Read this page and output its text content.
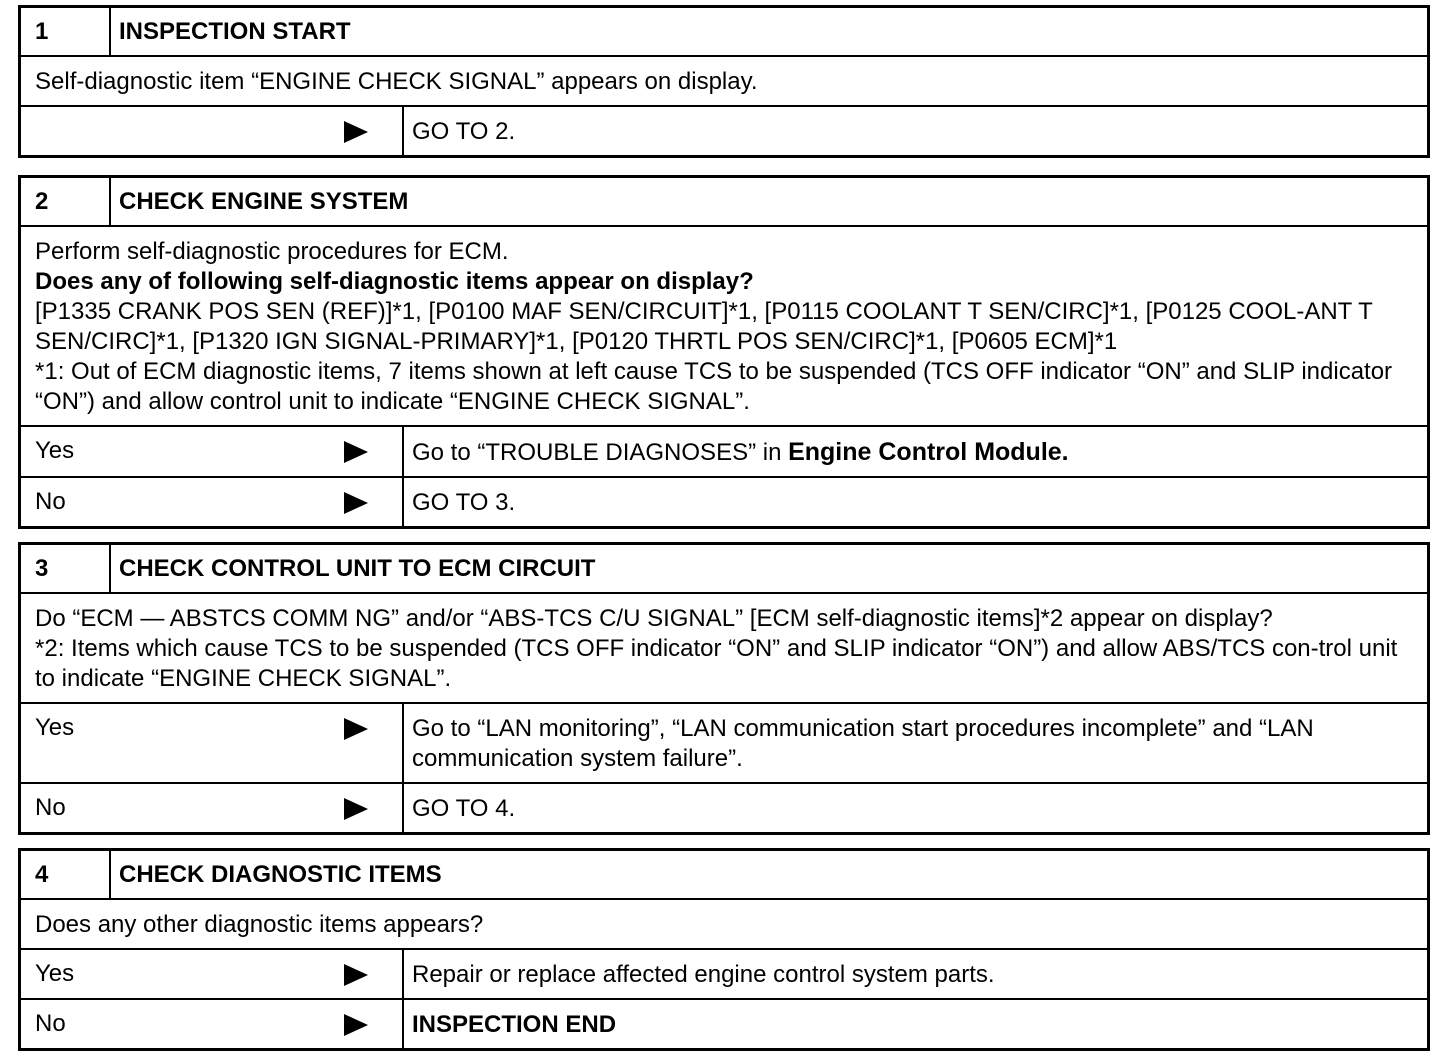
1	INSPECTION START

Self-diagnostic item “ENGINE CHECK SIGNAL” appears on display.

GO TO 2.
2	CHECK ENGINE SYSTEM

Perform self-diagnostic procedures for ECM.

Does any of following self-diagnostic items appear on display?

[P1335 CRANK POS SEN (REF)]*1, [P0100 MAF SEN/CIRCUIT]*1, [P0115 COOLANT T SEN/CIRC]*1, [P0125 COOL-ANT T SEN/CIRC]*1, [P1320 IGN SIGNAL-PRIMARY]*1, [P0120 THRTL POS SEN/CIRC]*1, [P0605 ECM]*1

*1: Out of ECM diagnostic items, 7 items shown at left cause TCS to be suspended (TCS OFF indicator “ON” and SLIP indicator “ON”) and allow control unit to indicate “ENGINE CHECK SIGNAL”.

Yes	Go to “TROUBLE DIAGNOSES” in Engine Control Module.
No	GO TO 3.
3	CHECK CONTROL UNIT TO ECM CIRCUIT

Do “ECM — ABSTCS COMM NG” and/or “ABS-TCS C/U SIGNAL” [ECM self-diagnostic items]*2 appear on display?

*2: Items which cause TCS to be suspended (TCS OFF indicator “ON” and SLIP indicator “ON”) and allow ABS/TCS con-trol unit to indicate “ENGINE CHECK SIGNAL”.

Yes	Go to “LAN monitoring”, “LAN communication start procedures incomplete” and “LAN communication system failure”.
No	GO TO 4.
4	CHECK DIAGNOSTIC ITEMS

Does any other diagnostic items appears?

Yes	Repair or replace affected engine control system parts.
No	INSPECTION END
